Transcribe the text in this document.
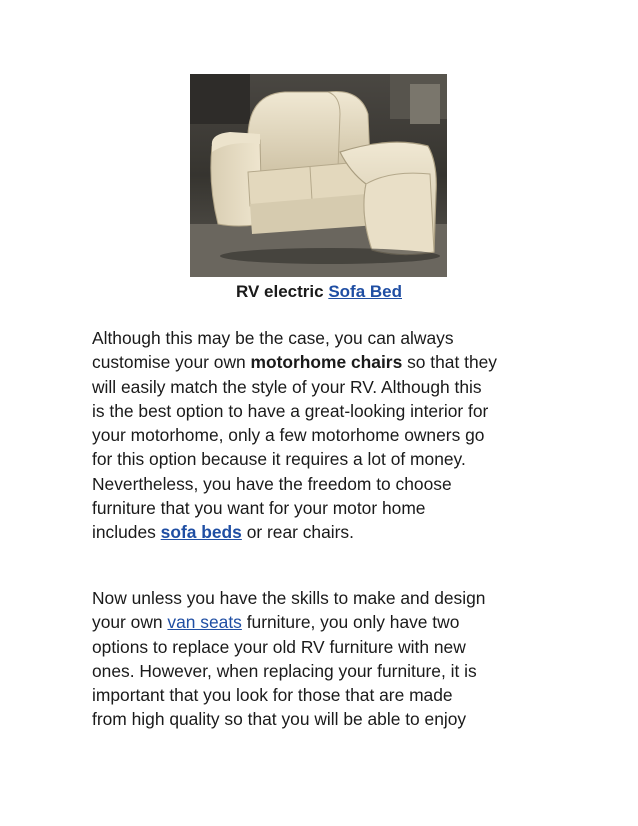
RV electric Sofa Bed

Although this may be the case, you can always
customise your own motorhome chairs so that they
will easily match the style of your RV. Although this
is the best option to have a great-looking interior for
your motorhome, only a few motorhome owners go
for this option because it requires a lot of money.
Nevertheless, you have the freedom to choose
furniture that you want for your motor home
includes sofa beds or rear chairs.

Now unless you have the skills to make and design
your own van seats furniture, you only have two
options to replace your old RV furniture with new
ones. However, when replacing your furniture, it is
important that you look for those that are made
from high quality so that you will be able to enjoy
